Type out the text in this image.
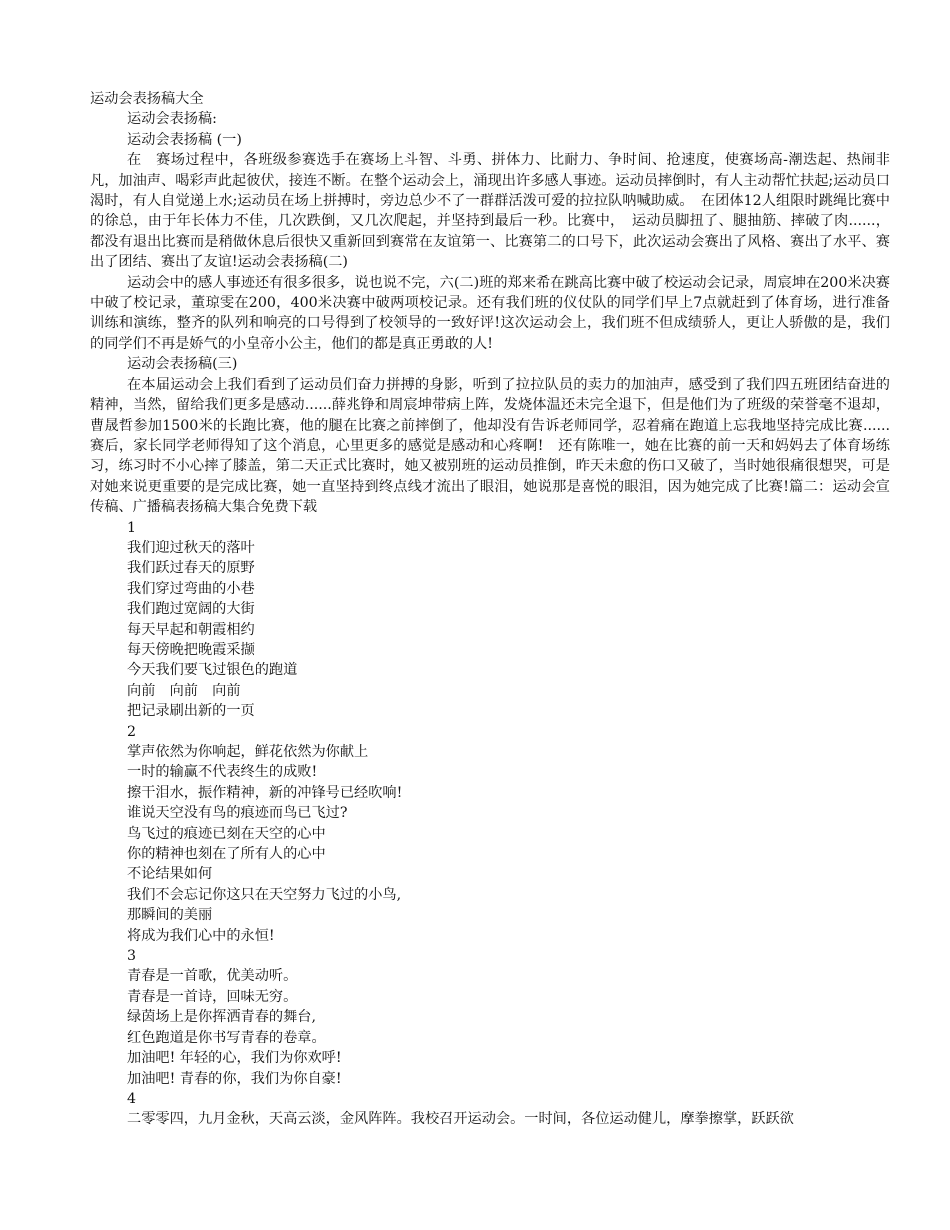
运动会表扬稿大全

运动会表扬稿:

运动会表扬稿 (一)

在　赛场过程中，各班级参赛选手在赛场上斗智、斗勇、拼体力、比耐力、争时间、抢速度，使赛场高-潮迭起、热闹非凡，加油声、喝彩声此起彼伏，接连不断。在整个运动会上，涌现出许多感人事迹。运动员摔倒时，有人主动帮忙扶起;运动员口渴时，有人自觉递上水;运动员在场上拼搏时，旁边总少不了一群群活泼可爱的拉拉队呐喊助威。　在团体12人组限时跳绳比赛中的徐总，由于年长体力不佳，几次跌倒，又几次爬起，并坚持到最后一秒。比赛中，　运动员脚扭了、腿抽筋、摔破了肉......，都没有退出比赛而是稍做休息后很快又重新回到赛常在友谊第一、比赛第二的口号下，此次运动会赛出了风格、赛出了水平、赛出了团结、赛出了友谊!运动会表扬稿(二)

运动会中的感人事迹还有很多很多，说也说不完，六(二)班的郑来希在跳高比赛中破了校运动会记录，周宸坤在200米决赛中破了校记录，董琼雯在200，400米决赛中破两项校记录。还有我们班的仪仗队的同学们早上7点就赶到了体育场，进行准备训练和演练，整齐的队列和响亮的口号得到了校领导的一致好评!这次运动会上，我们班不但成绩骄人，更让人骄傲的是，我们的同学们不再是娇气的小皇帝小公主，他们的都是真正勇敢的人!

运动会表扬稿(三)

在本届运动会上我们看到了运动员们奋力拼搏的身影，听到了拉拉队员的卖力的加油声，感受到了我们四五班团结奋进的精神，当然，留给我们更多是感动......薛兆铮和周宸坤带病上阵，发烧体温还未完全退下，但是他们为了班级的荣誉毫不退却，曹晟哲参加1500米的长跑比赛，他的腿在比赛之前摔倒了，他却没有告诉老师同学，忍着痛在跑道上忘我地坚持完成比赛......赛后，家长同学老师得知了这个消息，心里更多的感觉是感动和心疼啊!　还有陈唯一，她在比赛的前一天和妈妈去了体育场练习，练习时不小心摔了膝盖，第二天正式比赛时，她又被别班的运动员推倒，昨天未愈的伤口又破了，当时她很痛很想哭，可是对她来说更重要的是完成比赛，她一直坚持到终点线才流出了眼泪，她说那是喜悦的眼泪，因为她完成了比赛!篇二：运动会宣传稿、广播稿表扬稿大集合免费下载

1

我们迎过秋天的落叶

我们跃过春天的原野

我们穿过弯曲的小巷

我们跑过宽阔的大街

每天早起和朝霞相约

每天傍晚把晚霞采撷

今天我们要飞过银色的跑道

向前　向前　向前

把记录刷出新的一页

2

掌声依然为你响起，鲜花依然为你献上

一时的输赢不代表终生的成败!

擦干泪水，振作精神，新的冲锋号已经吹响!

谁说天空没有鸟的痕迹而鸟已飞过?

鸟飞过的痕迹已刻在天空的心中

你的精神也刻在了所有人的心中

不论结果如何

我们不会忘记你这只在天空努力飞过的小鸟,

那瞬间的美丽

将成为我们心中的永恒!

3

青春是一首歌，优美动听。

青春是一首诗，回味无穷。

绿茵场上是你挥洒青春的舞台,

红色跑道是你书写青春的卷章。

加油吧! 年轻的心，我们为你欢呼!

加油吧! 青春的你，我们为你自豪!

4

二零零四，九月金秋，天高云淡，金风阵阵。我校召开运动会。一时间，各位运动健儿，摩拳擦掌，跃跃欲
